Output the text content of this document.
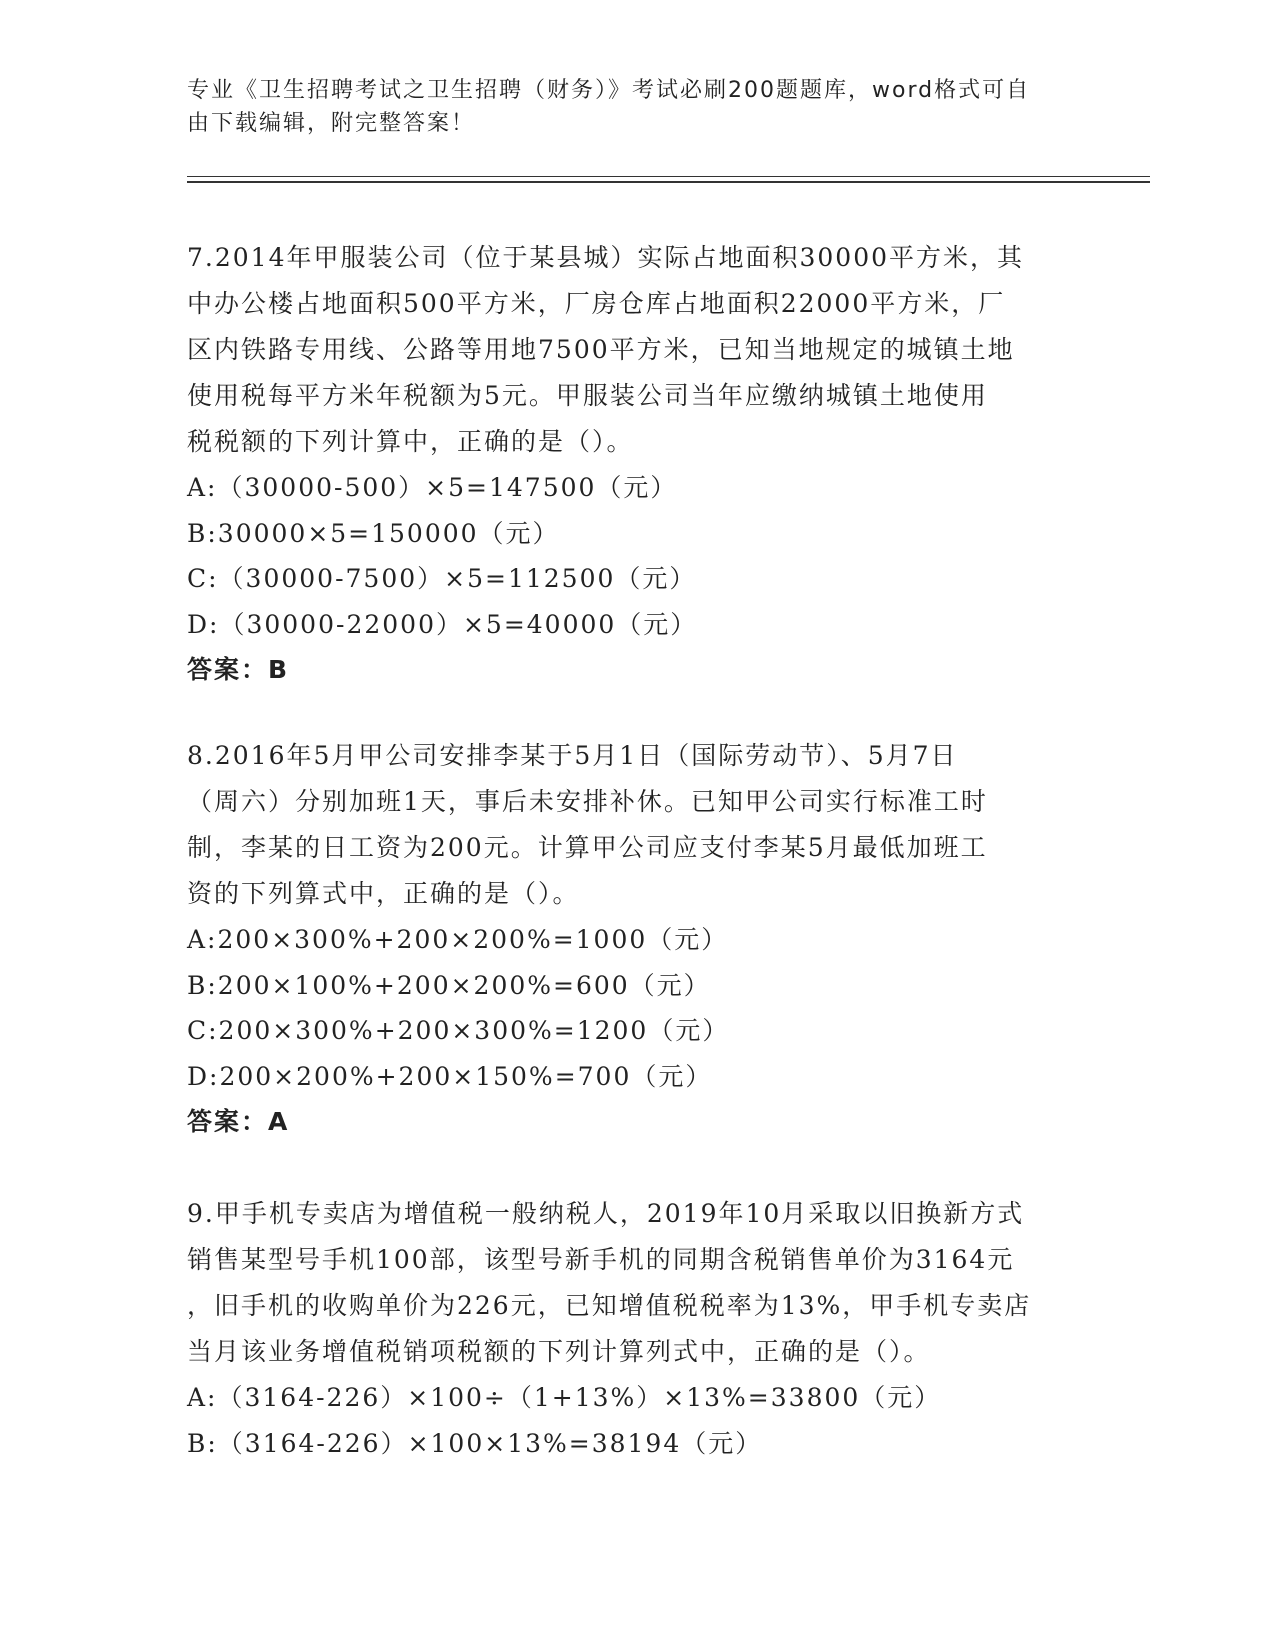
专业《卫生招聘考试之卫生招聘（财务）》考试必刷200题题库，word格式可自
由下载编辑，附完整答案！
7.2014年甲服装公司（位于某县城）实际占地面积30000平方米，其
中办公楼占地面积500平方米，厂房仓库占地面积22000平方米，厂
区内铁路专用线、公路等用地7500平方米，已知当地规定的城镇土地
使用税每平方米年税额为5元。甲服装公司当年应缴纳城镇土地使用
税税额的下列计算中，正确的是（）。
A:（30000-500）×5=147500（元）
B:30000×5=150000（元）
C:（30000-7500）×5=112500（元）
D:（30000-22000）×5=40000（元）
答案：B
8.2016年5月甲公司安排李某于5月1日（国际劳动节）、5月7日
（周六）分别加班1天，事后未安排补休。已知甲公司实行标准工时
制，李某的日工资为200元。计算甲公司应支付李某5月最低加班工
资的下列算式中，正确的是（）。
A:200×300%+200×200%=1000（元）
B:200×100%+200×200%=600（元）
C:200×300%+200×300%=1200（元）
D:200×200%+200×150%=700（元）
答案：A
9.甲手机专卖店为增值税一般纳税人，2019年10月采取以旧换新方式
销售某型号手机100部，该型号新手机的同期含税销售单价为3164元
，旧手机的收购单价为226元，已知增值税税率为13%，甲手机专卖店
当月该业务增值税销项税额的下列计算列式中，正确的是（）。
A:（3164-226）×100÷（1+13%）×13%=33800（元）
B:（3164-226）×100×13%=38194（元）
